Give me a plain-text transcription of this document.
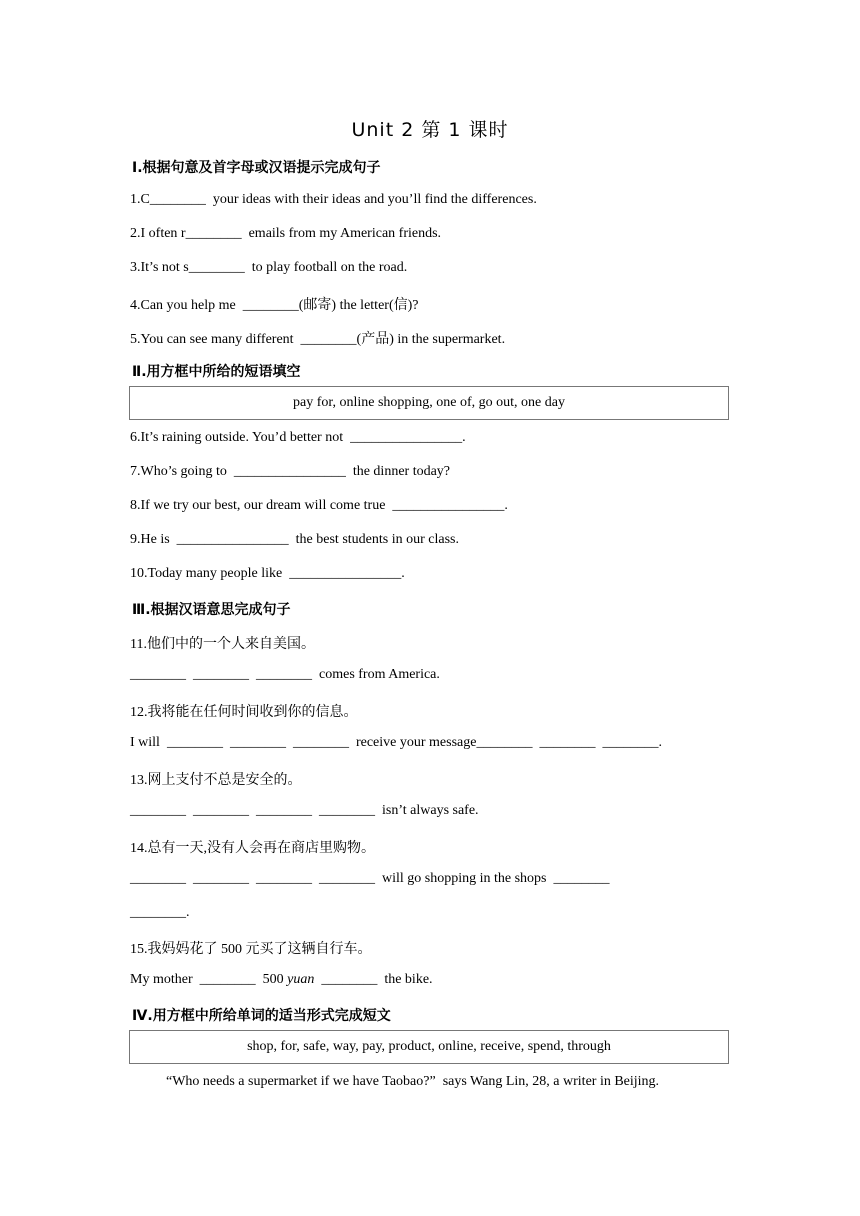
Unit 2 第 1 课时
Ⅰ.根据句意及首字母或汉语提示完成句子
1.C________  your ideas with their ideas and you’ll find the differences.
2.I often r________  emails from my American friends.
3.It’s not s________  to play football on the road.
4.Can you help me  ________(邮寄) the letter(信)?
5.You can see many different  ________(产品) in the supermarket.
Ⅱ.用方框中所给的短语填空
pay for, online shopping, one of, go out, one day
6.It’s raining outside. You’d better not  ________________.
7.Who’s going to  ________________  the dinner today?
8.If we try our best, our dream will come true  ________________.
9.He is  ________________  the best students in our class.
10.Today many people like  ________________.
Ⅲ.根据汉语意思完成句子
11.他们中的一个人来自美国。
________  ________  ________  comes from America.
12.我将能在任何时间收到你的信息。
I will  ________  ________  ________  receive your message________  ________  ________.
13.网上支付不总是安全的。
________  ________  ________  ________  isn’t always safe.
14.总有一天,没有人会再在商店里购物。
________  ________  ________  ________  will go shopping in the shops  ________
________.
15.我妈妈花了 500 元买了这辆自行车。
My mother  ________  500 yuan  ________  the bike.
Ⅳ.用方框中所给单词的适当形式完成短文
shop, for, safe, way, pay, product, online, receive, spend, through
“Who needs a supermarket if we have Taobao?”  says Wang Lin, 28, a writer in Beijing.
